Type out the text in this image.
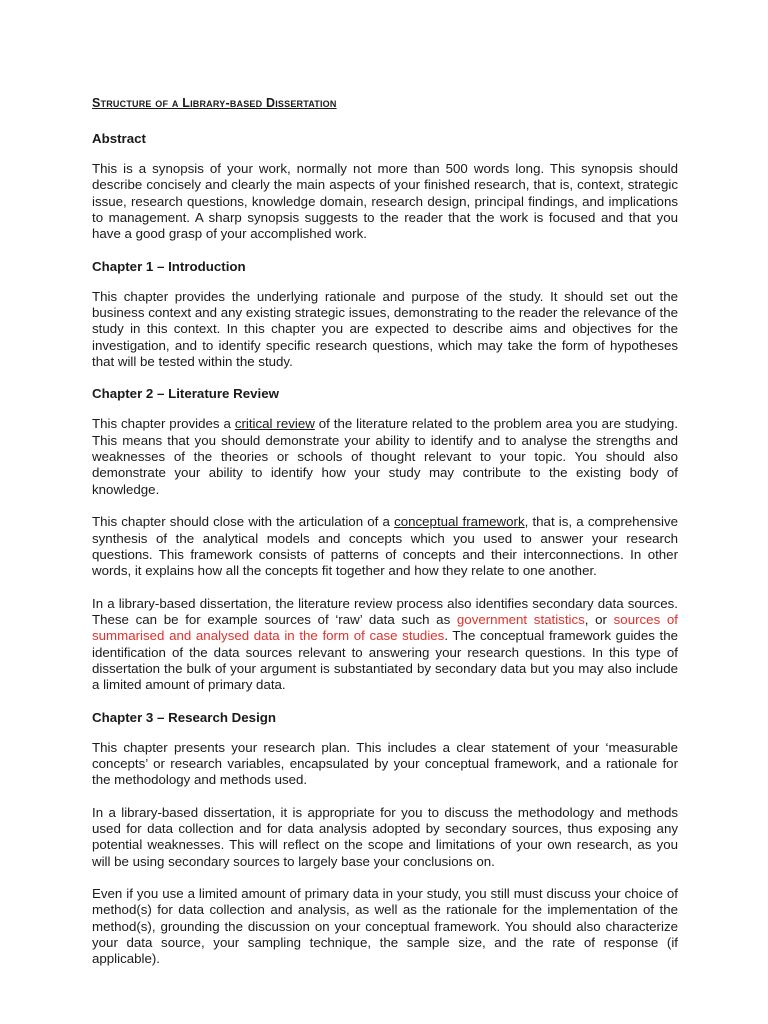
Structure of a Library-based Dissertation
Abstract

This is a synopsis of your work, normally not more than 500 words long. This synopsis should describe concisely and clearly the main aspects of your finished research, that is, context, strategic issue, research questions, knowledge domain, research design, principal findings, and implications to management. A sharp synopsis suggests to the reader that the work is focused and that you have a good grasp of your accomplished work.

Chapter 1 – Introduction

This chapter provides the underlying rationale and purpose of the study. It should set out the business context and any existing strategic issues, demonstrating to the reader the relevance of the study in this context. In this chapter you are expected to describe aims and objectives for the investigation, and to identify specific research questions, which may take the form of hypotheses that will be tested within the study.

Chapter 2 – Literature Review

This chapter provides a critical review of the literature related to the problem area you are studying. This means that you should demonstrate your ability to identify and to analyse the strengths and weaknesses of the theories or schools of thought relevant to your topic. You should also demonstrate your ability to identify how your study may contribute to the existing body of knowledge.

This chapter should close with the articulation of a conceptual framework, that is, a comprehensive synthesis of the analytical models and concepts which you used to answer your research questions. This framework consists of patterns of concepts and their interconnections. In other words, it explains how all the concepts fit together and how they relate to one another.

In a library-based dissertation, the literature review process also identifies secondary data sources. These can be for example sources of ‘raw’ data such as government statistics, or sources of summarised and analysed data in the form of case studies. The conceptual framework guides the identification of the data sources relevant to answering your research questions. In this type of dissertation the bulk of your argument is substantiated by secondary data but you may also include a limited amount of primary data.

Chapter 3 – Research Design

This chapter presents your research plan. This includes a clear statement of your ‘measurable concepts’ or research variables, encapsulated by your conceptual framework, and a rationale for the methodology and methods used.

In a library-based dissertation, it is appropriate for you to discuss the methodology and methods used for data collection and for data analysis adopted by secondary sources, thus exposing any potential weaknesses. This will reflect on the scope and limitations of your own research, as you will be using secondary sources to largely base your conclusions on.

Even if you use a limited amount of primary data in your study, you still must discuss your choice of method(s) for data collection and analysis, as well as the rationale for the implementation of the method(s), grounding the discussion on your conceptual framework. You should also characterize your data source, your sampling technique, the sample size, and the rate of response (if applicable).
